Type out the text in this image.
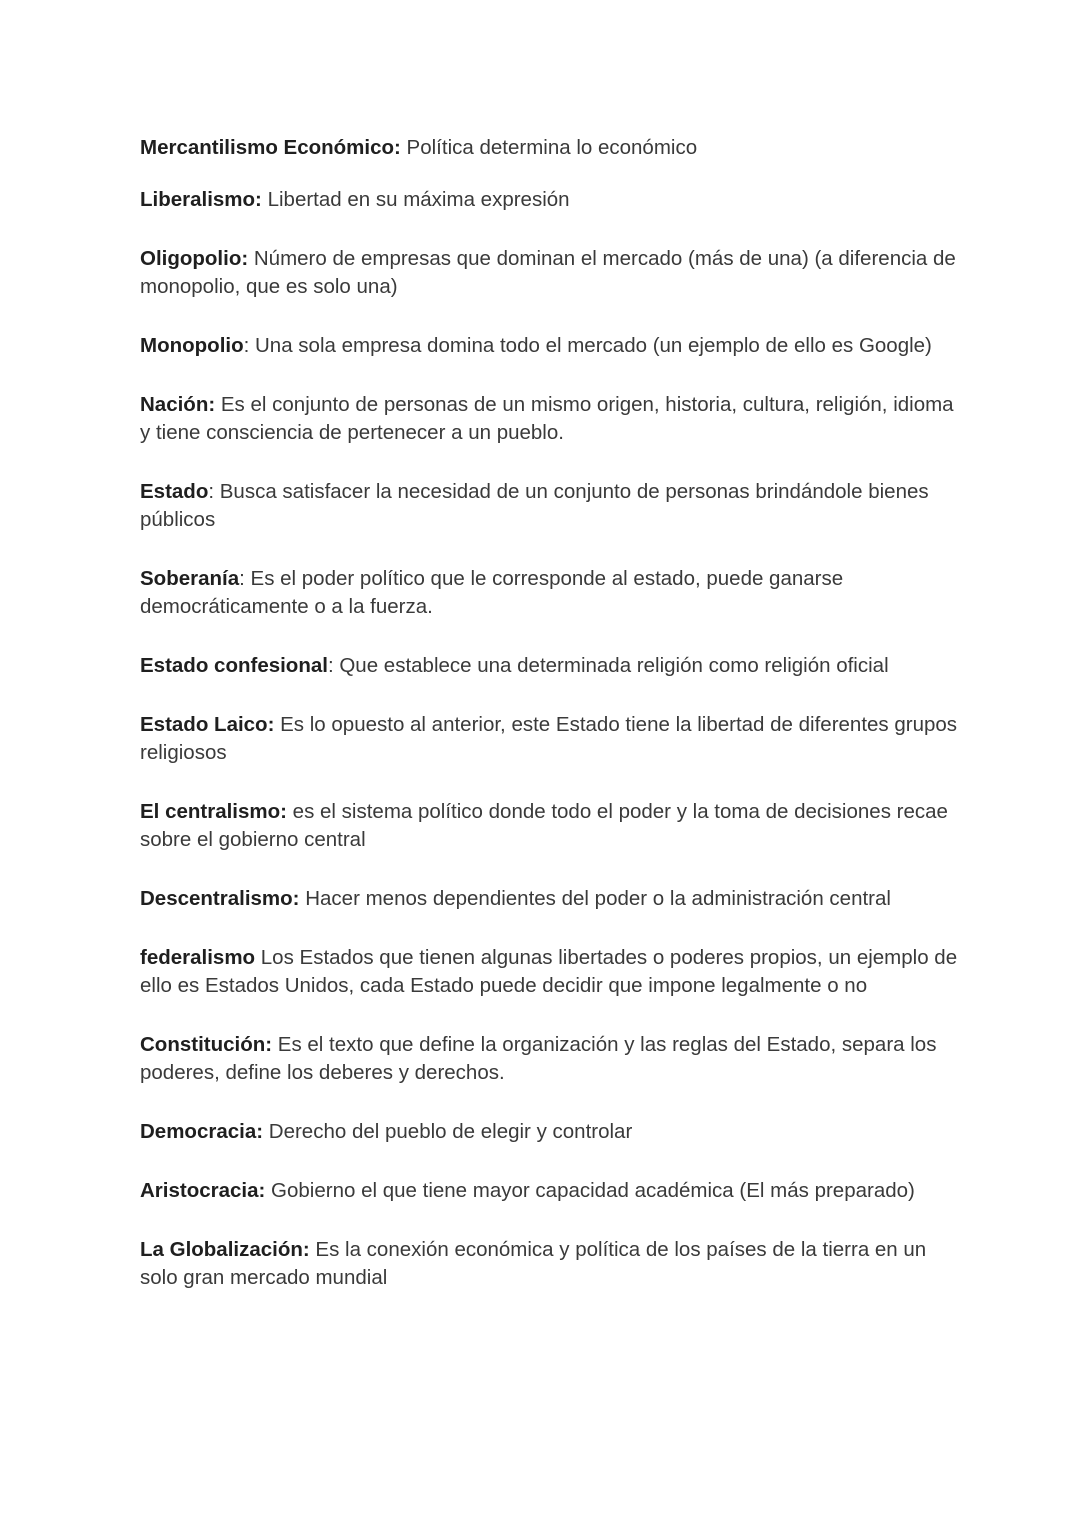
Mercantilismo Económico: Política determina lo económico

Liberalismo: Libertad en su máxima expresión

Oligopolio: Número de empresas que dominan el mercado (más de una) (a diferencia de monopolio, que es solo una)

Monopolio: Una sola empresa domina todo el mercado (un ejemplo de ello es Google)

Nación: Es el conjunto de personas de un mismo origen, historia, cultura, religión, idioma y tiene consciencia de pertenecer a un pueblo.

Estado: Busca satisfacer la necesidad de un conjunto de personas brindándole bienes públicos

Soberanía: Es el poder político que le corresponde al estado, puede ganarse democráticamente o a la fuerza.

Estado confesional: Que establece una determinada religión como religión oficial

Estado Laico: Es lo opuesto al anterior, este Estado tiene la libertad de diferentes grupos religiosos

El centralismo: es el sistema político donde todo el poder y la toma de decisiones recae sobre el gobierno central

Descentralismo: Hacer menos dependientes del poder o la administración central

federalismo Los Estados que tienen algunas libertades o poderes propios, un ejemplo de ello es Estados Unidos, cada Estado puede decidir que impone legalmente o no

Constitución: Es el texto que define la organización y las reglas del Estado, separa los poderes, define los deberes y derechos.

Democracia: Derecho del pueblo de elegir y controlar

Aristocracia: Gobierno el que tiene mayor capacidad académica (El más preparado)

La Globalización: Es la conexión económica y política de los países de la tierra en un solo gran mercado mundial
